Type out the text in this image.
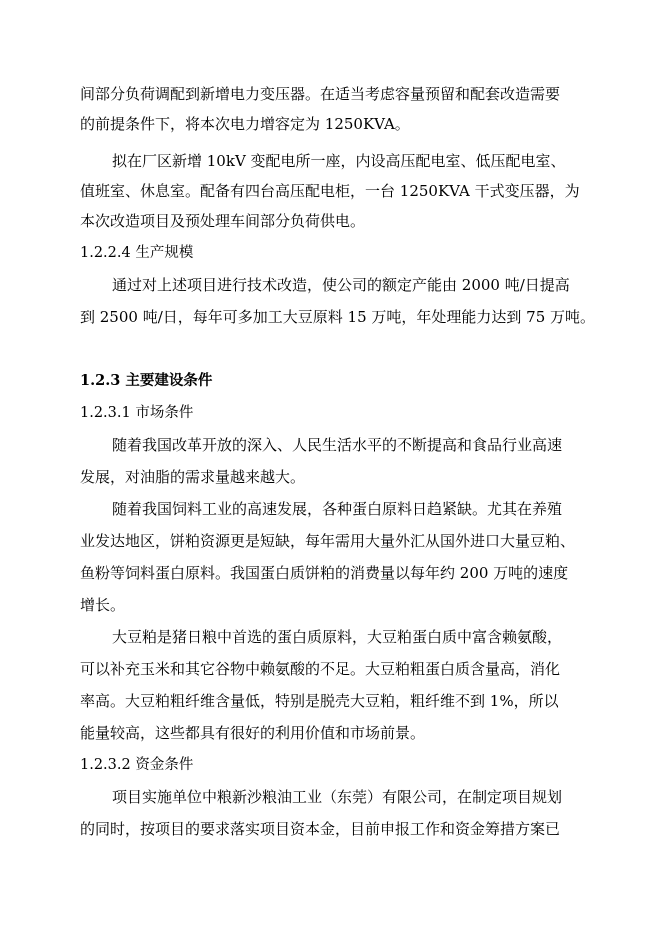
间部分负荷调配到新增电力变压器。在适当考虑容量预留和配套改造需要

的前提条件下，将本次电力增容定为 1250KVA。

拟在厂区新增 10kV 变配电所一座，内设高压配电室、低压配电室、

值班室、休息室。配备有四台高压配电柜，一台 1250KVA 干式变压器，为

本次改造项目及预处理车间部分负荷供电。

1.2.2.4 生产规模

通过对上述项目进行技术改造，使公司的额定产能由 2000 吨/日提高

到 2500 吨/日，每年可多加工大豆原料 15 万吨，年处理能力达到 75 万吨。

1.2.3 主要建设条件

1.2.3.1 市场条件

随着我国改革开放的深入、人民生活水平的不断提高和食品行业高速

发展，对油脂的需求量越来越大。

随着我国饲料工业的高速发展，各种蛋白原料日趋紧缺。尤其在养殖

业发达地区，饼粕资源更是短缺，每年需用大量外汇从国外进口大量豆粕、

鱼粉等饲料蛋白原料。我国蛋白质饼粕的消费量以每年约 200 万吨的速度

增长。

大豆粕是猪日粮中首选的蛋白质原料，大豆粕蛋白质中富含赖氨酸，

可以补充玉米和其它谷物中赖氨酸的不足。大豆粕粗蛋白质含量高，消化

率高。大豆粕粗纤维含量低，特别是脱壳大豆粕，粗纤维不到 1%，所以

能量较高，这些都具有很好的利用价值和市场前景。

1.2.3.2 资金条件

项目实施单位中粮新沙粮油工业（东莞）有限公司，在制定项目规划

的同时，按项目的要求落实项目资本金，目前申报工作和资金筹措方案已
